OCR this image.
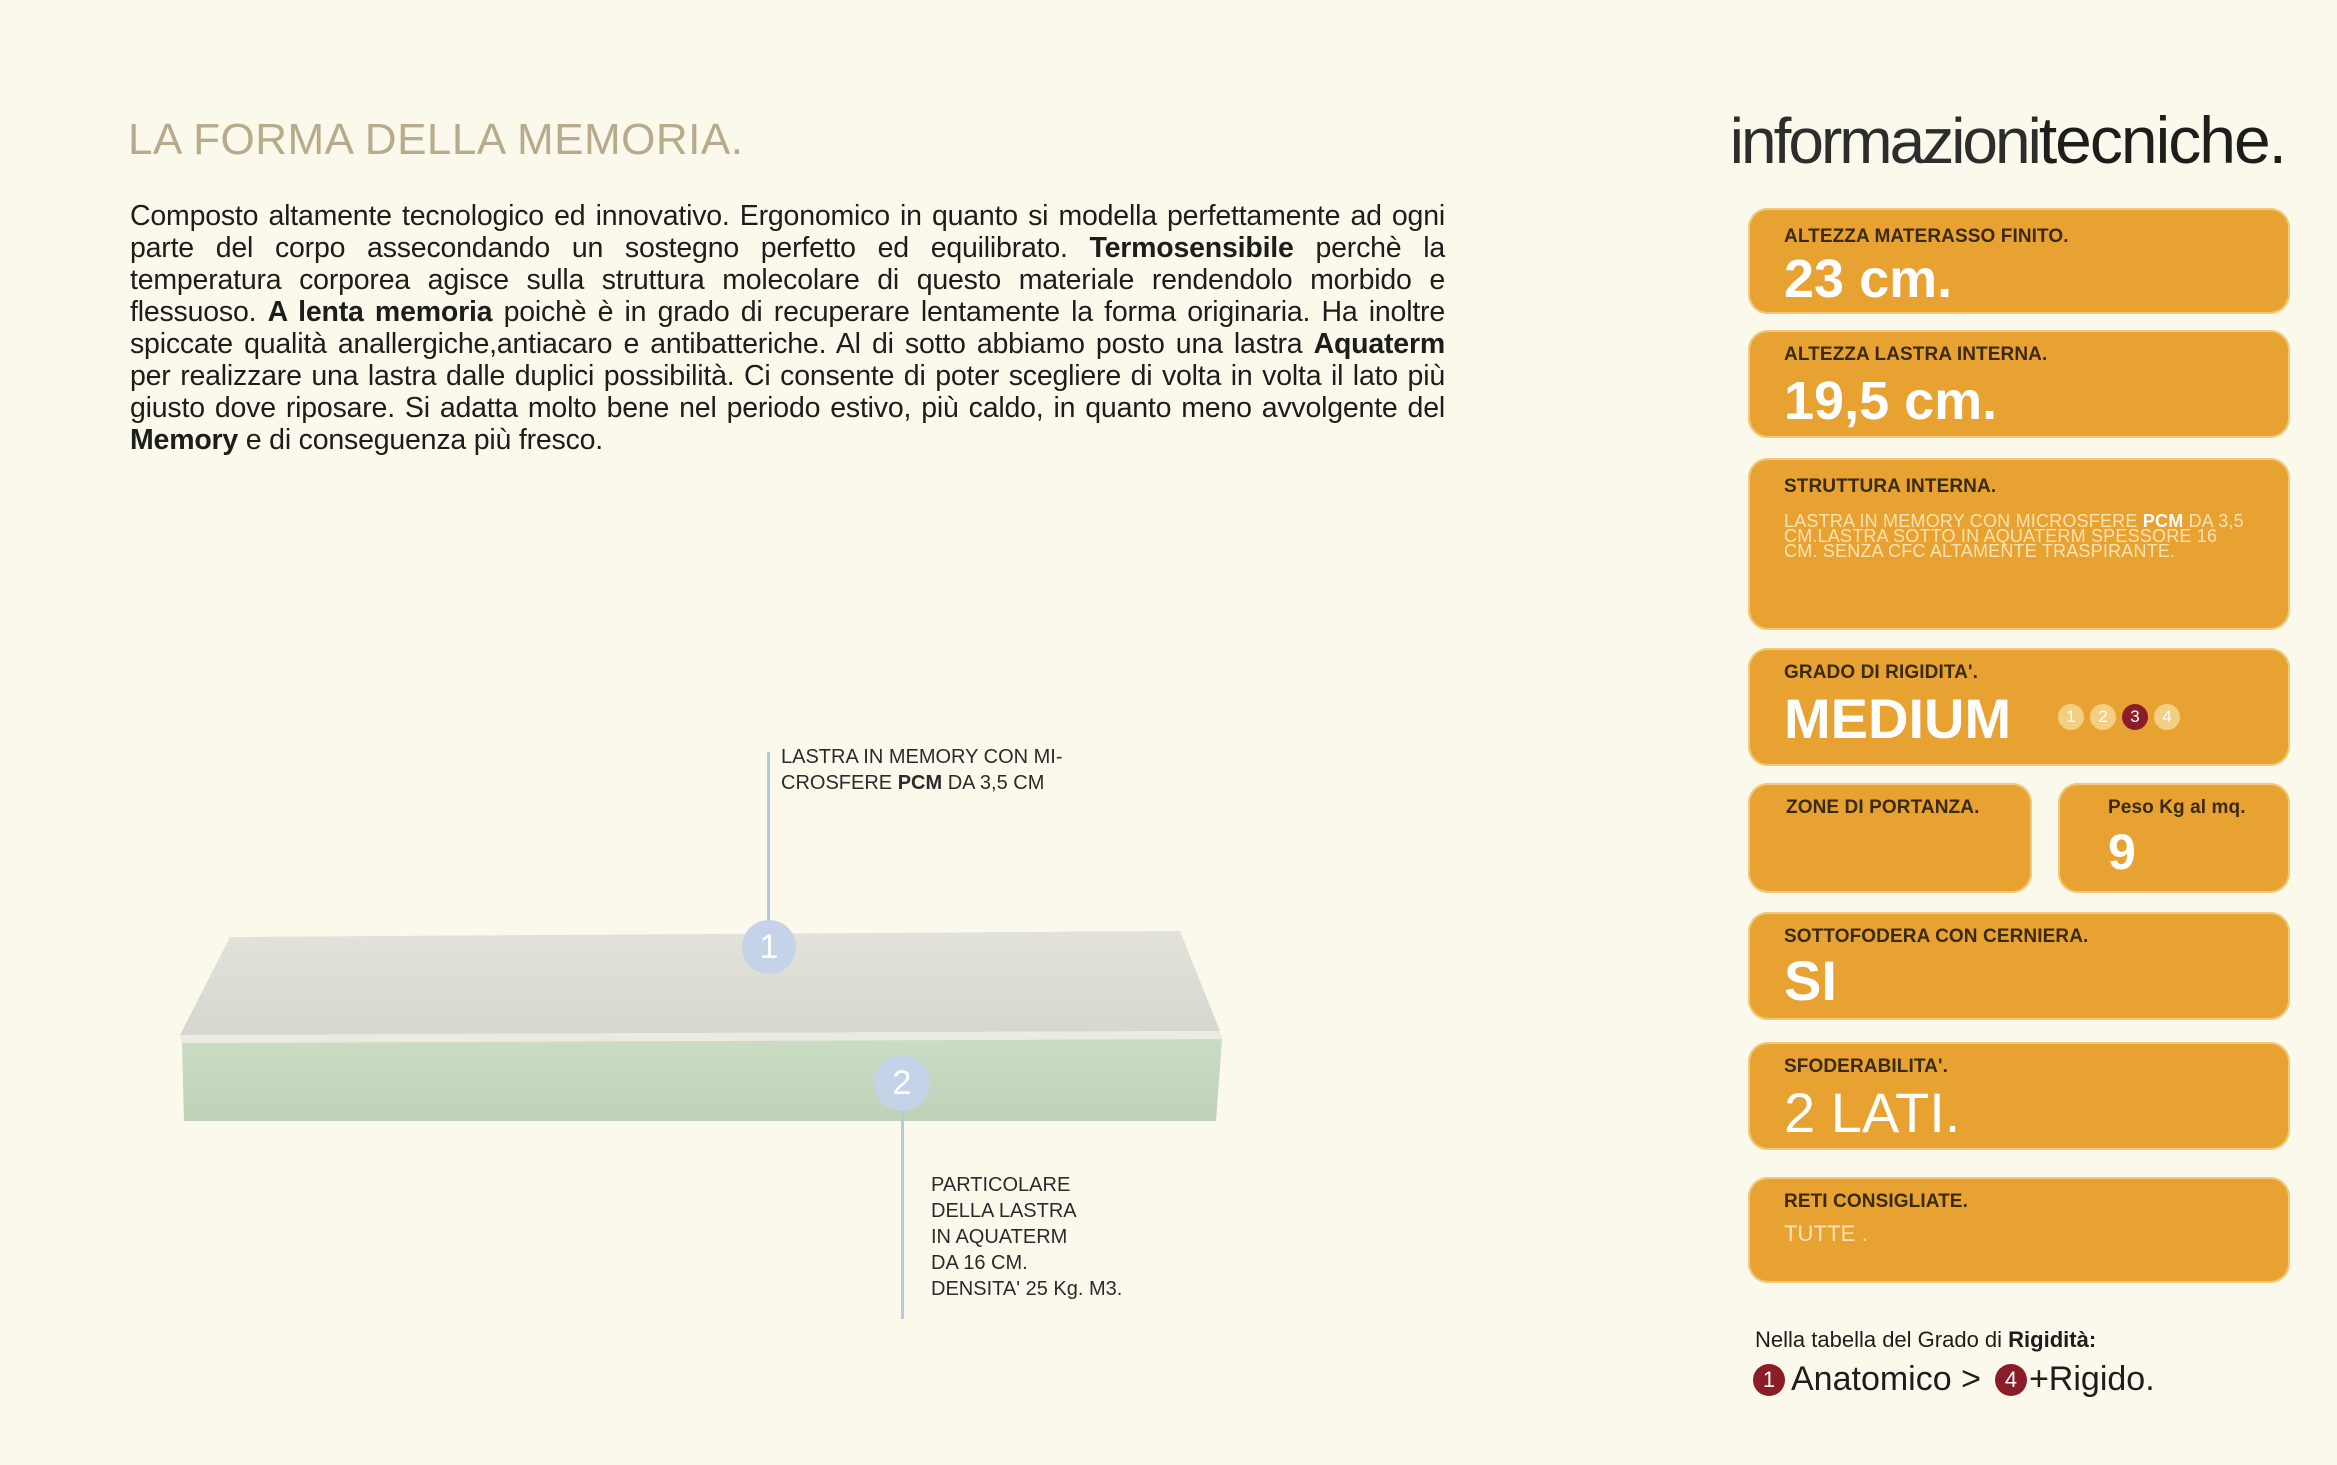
LA FORMA DELLA MEMORIA.
Composto altamente tecnologico ed innovativo. Ergonomico in quanto si modella perfettamente ad ogni parte del corpo assecondando un sostegno perfetto ed equilibrato. Termosensibile perchè la temperatura corporea agisce sulla struttura molecolare di questo materiale rendendolo morbido e flessuoso. A lenta memoria poichè è in grado di recuperare lentamente la forma originaria. Ha inoltre spiccate qualità anallergiche,antiacaro e antibatteriche. Al di sotto abbiamo posto una lastra Aquaterm per realizzare una lastra dalle duplici possibilità. Ci consente di poter scegliere di volta in volta il lato più giusto dove riposare. Si adatta molto bene nel periodo estivo, più caldo, in quanto meno avvolgente del Memory e di conseguenza più fresco.
1
LASTRA IN MEMORY CON MI-
CROSFERE PCM DA 3,5 CM
2
PARTICOLARE
DELLA LASTRA
IN AQUATERM
DA 16 CM.
DENSITA' 25 Kg. M3.
informazionitecniche.
ALTEZZA MATERASSO FINITO.
23 cm.
ALTEZZA LASTRA INTERNA.
19,5 cm.
STRUTTURA INTERNA.
LASTRA IN MEMORY CON MICROSFERE PCM DA 3,5 CM.LASTRA SOTTO IN AQUATERM SPESSORE 16 CM. SENZA CFC ALTAMENTE TRASPIRANTE.
GRADO DI RIGIDITA'.
MEDIUM	1	2	3	4
ZONE DI PORTANZA.	Peso Kg al mq.
9
SOTTOFODERA CON CERNIERA.
SI
SFODERABILITA'.
2 LATI.
RETI CONSIGLIATE.
TUTTE .
Nella tabella del Grado di Rigidità:
1 Anatomico >	4 +Rigido.
